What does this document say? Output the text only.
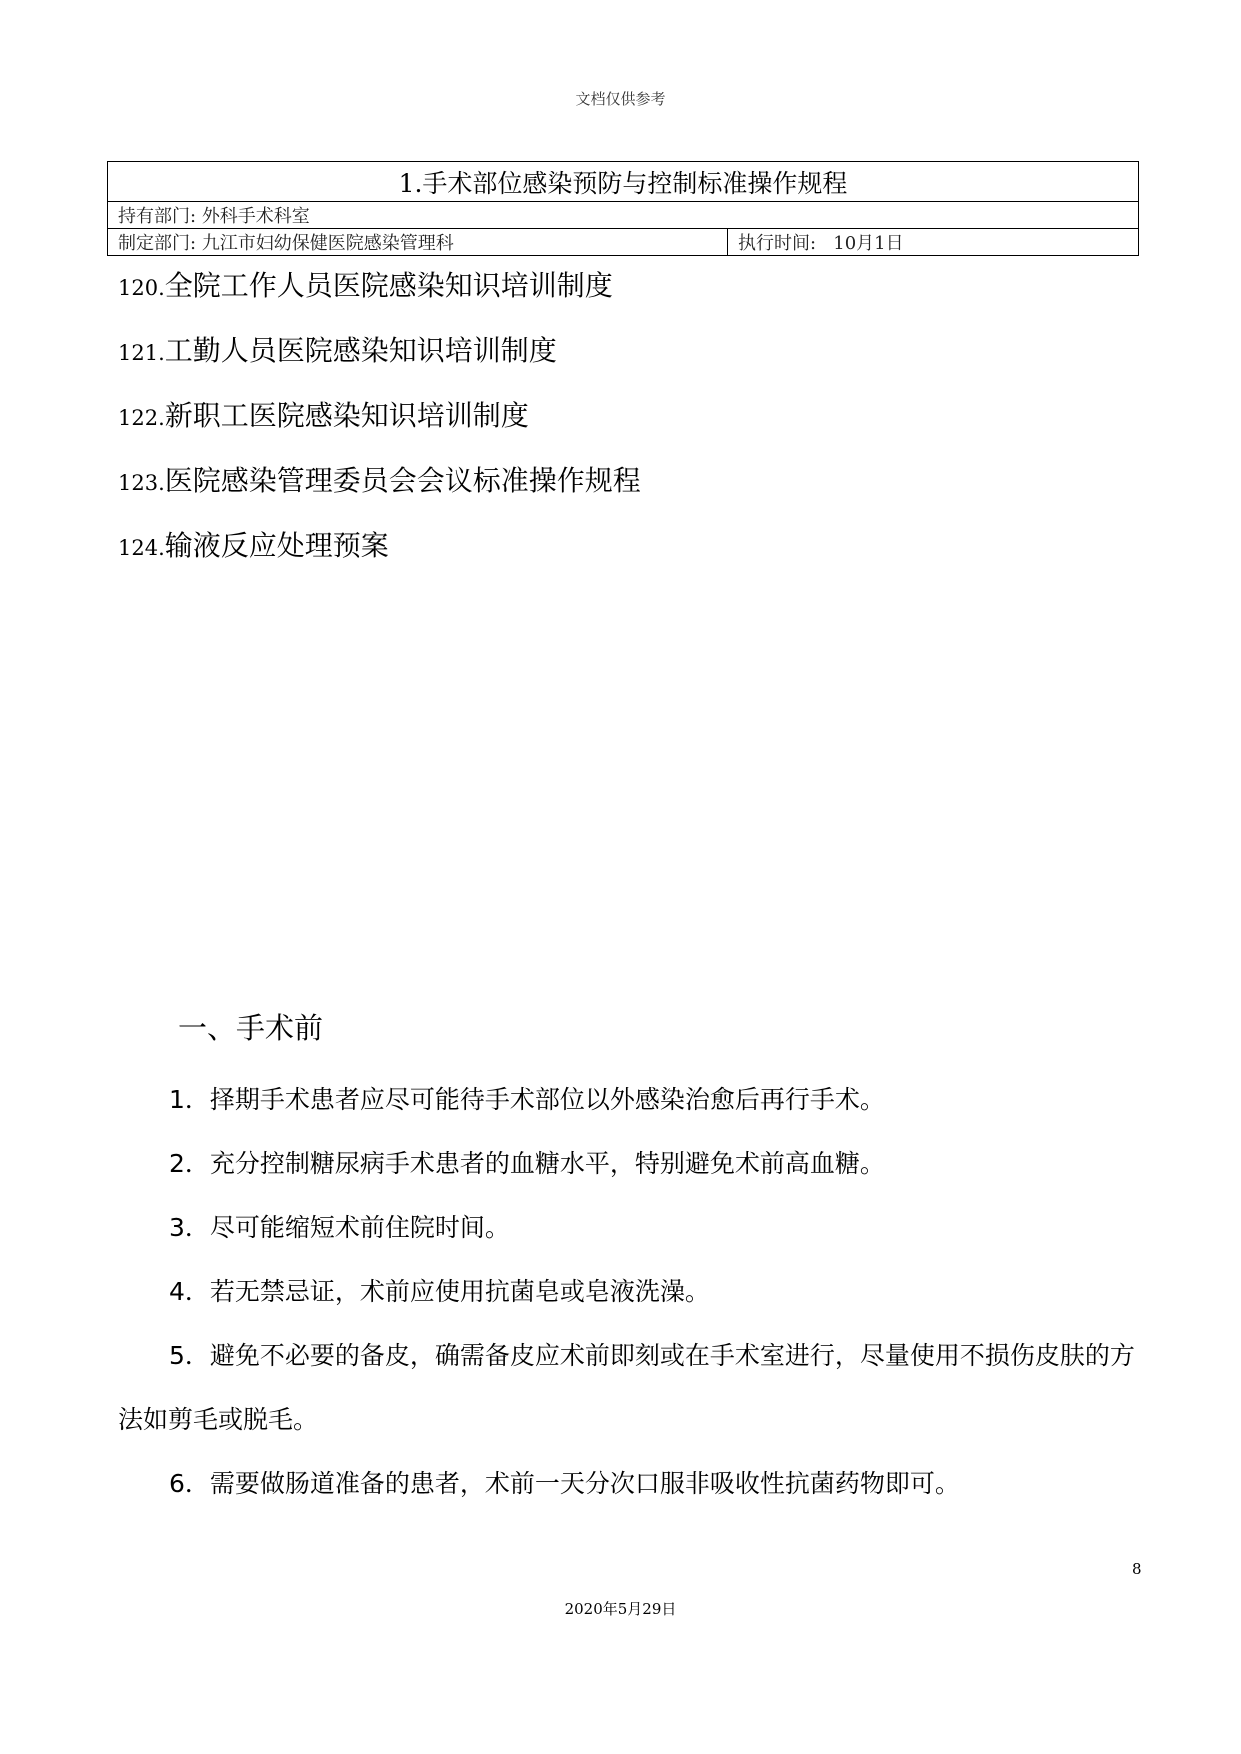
文档仅供参考
1.手术部位感染预防与控制标准操作规程
持有部门: 外科手术科室
制定部门: 九江市妇幼保健医院感染管理科	执行时间: 10月1日
120.全院工作人员医院感染知识培训制度
121.工勤人员医院感染知识培训制度
122.新职工医院感染知识培训制度
123.医院感染管理委员会会议标准操作规程
124.输液反应处理预案
一、手术前

1．择期手术患者应尽可能待手术部位以外感染治愈后再行手术。

2．充分控制糖尿病手术患者的血糖水平，特别避免术前高血糖。

3．尽可能缩短术前住院时间。

4．若无禁忌证，术前应使用抗菌皂或皂液洗澡。

5．避免不必要的备皮，确需备皮应术前即刻或在手术室进行，尽量使用不损伤皮肤的方法如剪毛或脱毛。

6．需要做肠道准备的患者，术前一天分次口服非吸收性抗菌药物即可。

8
2020年5月29日
